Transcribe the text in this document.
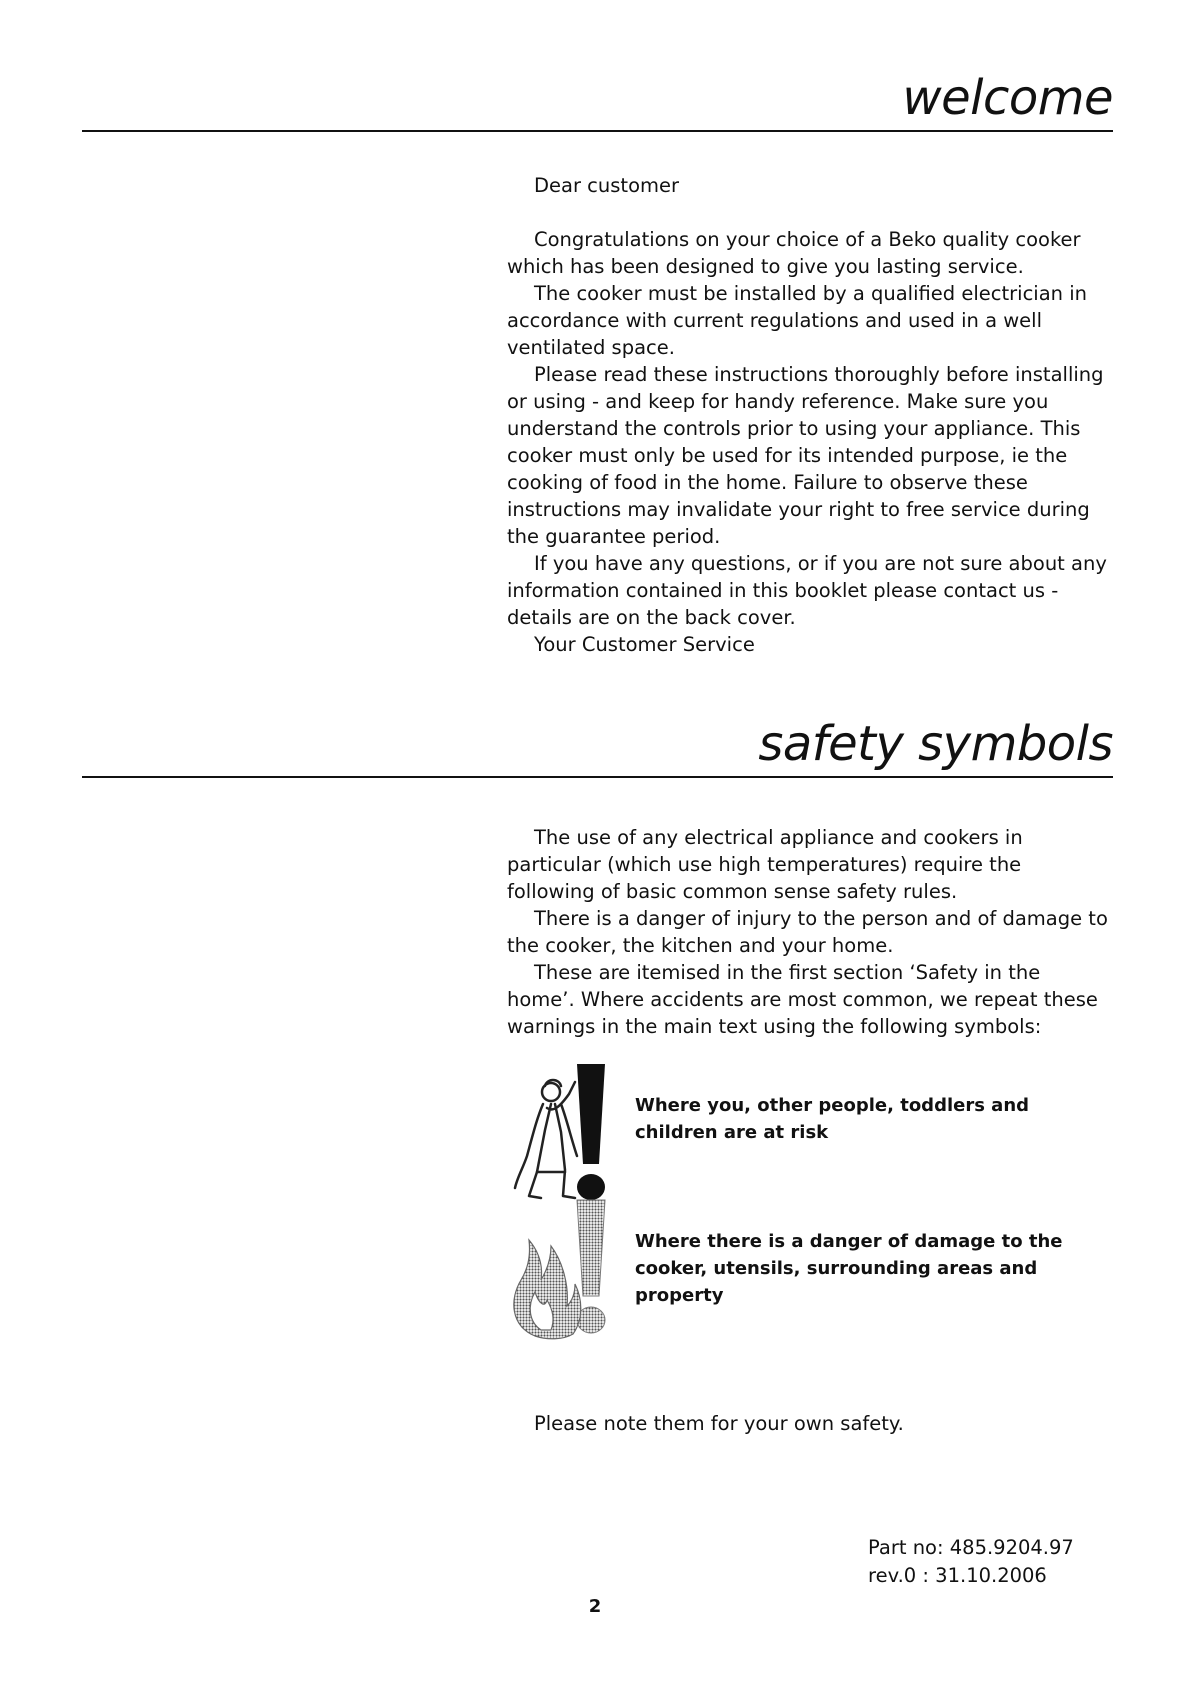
welcome

Dear customer

Congratulations on your choice of a Beko quality cooker which has been designed to give you lasting service.

The cooker must be installed by a qualified electrician in accordance with current regulations and used in a well ventilated space.

Please read these instructions thoroughly before installing or using - and keep for handy reference. Make sure you understand the controls prior to using your appliance. This cooker must only be used for its intended purpose, ie the cooking of food in the home. Failure to observe these instructions may invalidate your right to free service during the guarantee period.

If you have any questions, or if you are not sure about any information contained in this booklet please contact us - details are on the back cover.

Your Customer Service

safety symbols

The use of any electrical appliance and cookers in particular (which use high temperatures) require the following of basic common sense safety rules.

There is a danger of injury to the person and of damage to the cooker, the kitchen and your home.

These are itemised in the first section ‘Safety in the home’. Where accidents are most common, we repeat these warnings in the main text using the following symbols:

Where you, other people, toddlers and children are at risk
Where there is a danger of damage to the cooker, utensils, surrounding areas and property
Please note them for your own safety.
Part no: 485.9204.97
rev.0 : 31.10.2006
2
